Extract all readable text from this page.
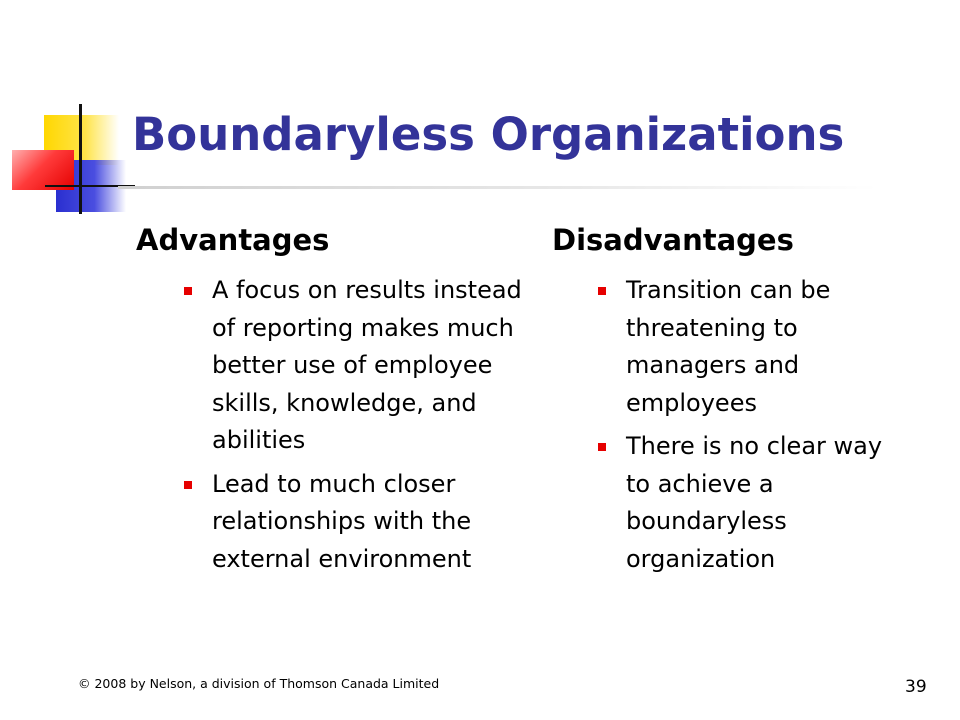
Boundaryless Organizations
Advantages
A focus on results instead of reporting makes much better use of employee skills, knowledge, and abilities
Lead to much closer relationships with the external environment
Disadvantages
Transition can be threatening to managers and employees
There is no clear way to achieve a boundaryless organization
© 2008 by Nelson, a division of Thomson Canada Limited	39
